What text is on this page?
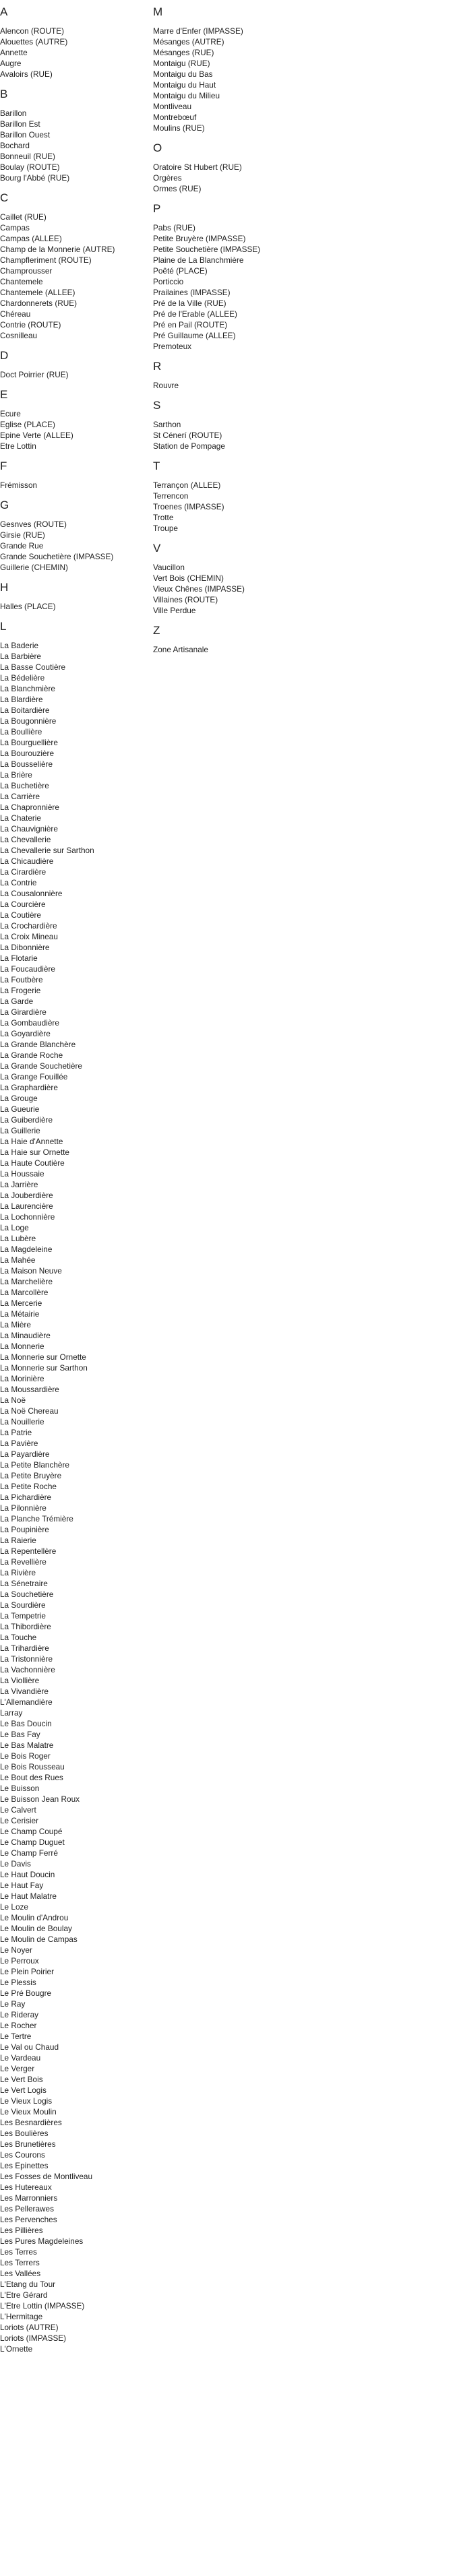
A
Alencon (ROUTE)
Alouettes (AUTRE)
Annette
Augre
Avaloirs (RUE)
B
Barillon
Barillon Est
Barillon Ouest
Bochard
Bonneuil (RUE)
Boulay (ROUTE)
Bourg l'Abbé (RUE)
C
Caillet (RUE)
Campas
Campas (ALLEE)
Champ de la Monnerie (AUTRE)
Champfleriment (ROUTE)
Champrousser
Chantemele
Chantemele (ALLEE)
Chardonnerets (RUE)
Chéreau
Contrie (ROUTE)
Cosnilleau
D
Doct Poirrier (RUE)
E
Ecure
Eglise (PLACE)
Epine Verte (ALLEE)
Etre Lottin
F
Frémisson
G
Gesnves (ROUTE)
Girsie (RUE)
Grande Rue
Grande Souchetière (IMPASSE)
Guillerie (CHEMIN)
H
Halles (PLACE)
L
La Baderie
La Barbière
La Basse Coutière
La Bédelière
La Blanchmière
La Blardière
La Boitardière
La Bougonnière
La Boullière
La Bourguellière
La Bourouzière
La Bousselière
La Brière
La Buchetière
La Carrière
La Chapronnière
La Chaterie
La Chauvignière
La Chevallerie
La Chevallerie sur Sarthon
La Chicaudière
La Cirardière
La Contrie
La Cousalonnière
La Courcière
La Coutière
La Crochardière
La Croix Mineau
La Dibonnière
La Flotarie
La Foucaudière
La Foutbère
La Frogerie
La Garde
La Girardière
La Gombaudière
La Goyardière
La Grande Blanchère
La Grande Roche
La Grande Souchetière
La Grange Fouillée
La Graphardière
La Grouge
La Gueurie
La Guiberdière
La Guillerie
La Haie d'Annette
La Haie sur Ornette
La Haute Coutière
La Houssaie
La Jarrière
La Jouberdière
La Laurencière
La Lochonnière
La Loge
La Lubère
La Magdeleine
La Mahée
La Maison Neuve
La Marchelière
La Marcollère
La Mercerie
La Métairie
La Mière
La Minaudière
La Monnerie
La Monnerie sur Ornette
La Monnerie sur Sarthon
La Morinière
La Moussardière
La Noë
La Noë Chereau
La Nouillerie
La Patrie
La Pavière
La Payardière
La Petite Blanchère
La Petite Bruyère
La Petite Roche
La Pichardière
La Pilonnière
La Planche Trémière
La Poupinière
La Raierie
La Repentellère
La Revellière
La Rivière
La Sénetraire
La Souchetière
La Sourdière
La Tempetrie
La Thibordière
La Touche
La Trihardière
La Tristonnière
La Vachonnière
La Viollière
La Vivandière
L'Allemandière
Larray
Le Bas Doucin
Le Bas Fay
Le Bas Malatre
Le Bois Roger
Le Bois Rousseau
Le Bout des Rues
Le Buisson
Le Buisson Jean Roux
Le Calvert
Le Cerisier
Le Champ Coupé
Le Champ Duguet
Le Champ Ferré
Le Davis
Le Haut Doucin
Le Haut Fay
Le Haut Malatre
Le Loze
Le Moulin d'Androu
Le Moulin de Boulay
Le Moulin de Campas
Le Noyer
Le Perroux
Le Plein Poirier
Le Plessis
Le Pré Bougre
Le Ray
Le Rideray
Le Rocher
Le Tertre
Le Val ou Chaud
Le Vardeau
Le Verger
Le Vert Bois
Le Vert Logis
Le Vieux Logis
Le Vieux Moulin
Les Besnardières
Les Boulières
Les Brunetières
Les Courons
Les Epinettes
Les Fosses de Montliveau
Les Hutereaux
Les Marronniers
Les Pellerawes
Les Pervenches
Les Pillières
Les Pures Magdeleines
Les Terres
Les Terrers
Les Vallées
L'Etang du Tour
L'Etre Gérard
L'Etre Lottin (IMPASSE)
L'Hermitage
Loriots (AUTRE)
Loriots (IMPASSE)
L'Ornette
M
Marre d'Enfer (IMPASSE)
Mésanges (AUTRE)
Mésanges (RUE)
Montaigu (RUE)
Montaigu du Bas
Montaigu du Haut
Montaigu du Milieu
Montliveau
Montrebœuf
Moulins (RUE)
O
Oratoire St Hubert (RUE)
Orgères
Ormes (RUE)
P
Pabs (RUE)
Petite Bruyère (IMPASSE)
Petite Souchetière (IMPASSE)
Plaine de La Blanchmière
Poêté (PLACE)
Porticcio
Prailaines (IMPASSE)
Pré de la Ville (RUE)
Pré de l'Erable (ALLEE)
Pré en Pail (ROUTE)
Pré Guillaume (ALLEE)
Premoteux
R
Rouvre
S
Sarthon
St Cénerí (ROUTE)
Station de Pompage
T
Terrançon (ALLEE)
Terrencon
Troenes (IMPASSE)
Trotte
Troupe
V
Vaucillon
Vert Bois (CHEMIN)
Vieux Chênes (IMPASSE)
Villaines (ROUTE)
Ville Perdue
Z
Zone Artisanale
